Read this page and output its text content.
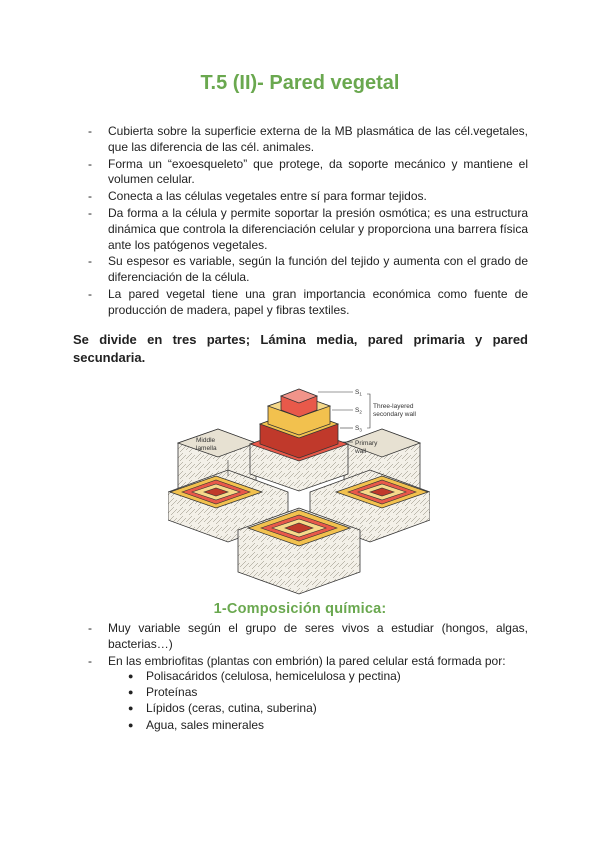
T.5 (II)- Pared vegetal
- Cubierta sobre la superficie externa de la MB plasmática de las cél.vegetales, que las diferencia de las cél. animales.
- Forma un “exoesqueleto” que protege, da soporte mecánico y mantiene el volumen celular.
- Conecta a las células vegetales entre sí para formar tejidos.
- Da forma a la célula y permite soportar la presión osmótica; es una estructura dinámica que controla la diferenciación celular y proporciona una barrera física ante los patógenos vegetales.
- Su espesor es variable, según la función del tejido y aumenta con el grado de diferenciación de la célula.
- La pared vegetal tiene una gran importancia económica como fuente de producción de madera, papel y fibras textiles.

Se divide en tres partes; Lámina media, pared primaria y pared secundaria.

$S_1$
$S_2$
$S_3$
Three-layered
secondary wall
Primary
wall
Middle
lamella
1-Composición química:
- Muy variable según el grupo de seres vivos a estudiar (hongos, algas, bacterias…)
- En las embriofitas (plantas con embrión) la pared celular está formada por:
● Polisacáridos (celulosa, hemicelulosa y pectina)
● Proteínas
● Lípidos (ceras, cutina, suberina)
● Agua, sales minerales
